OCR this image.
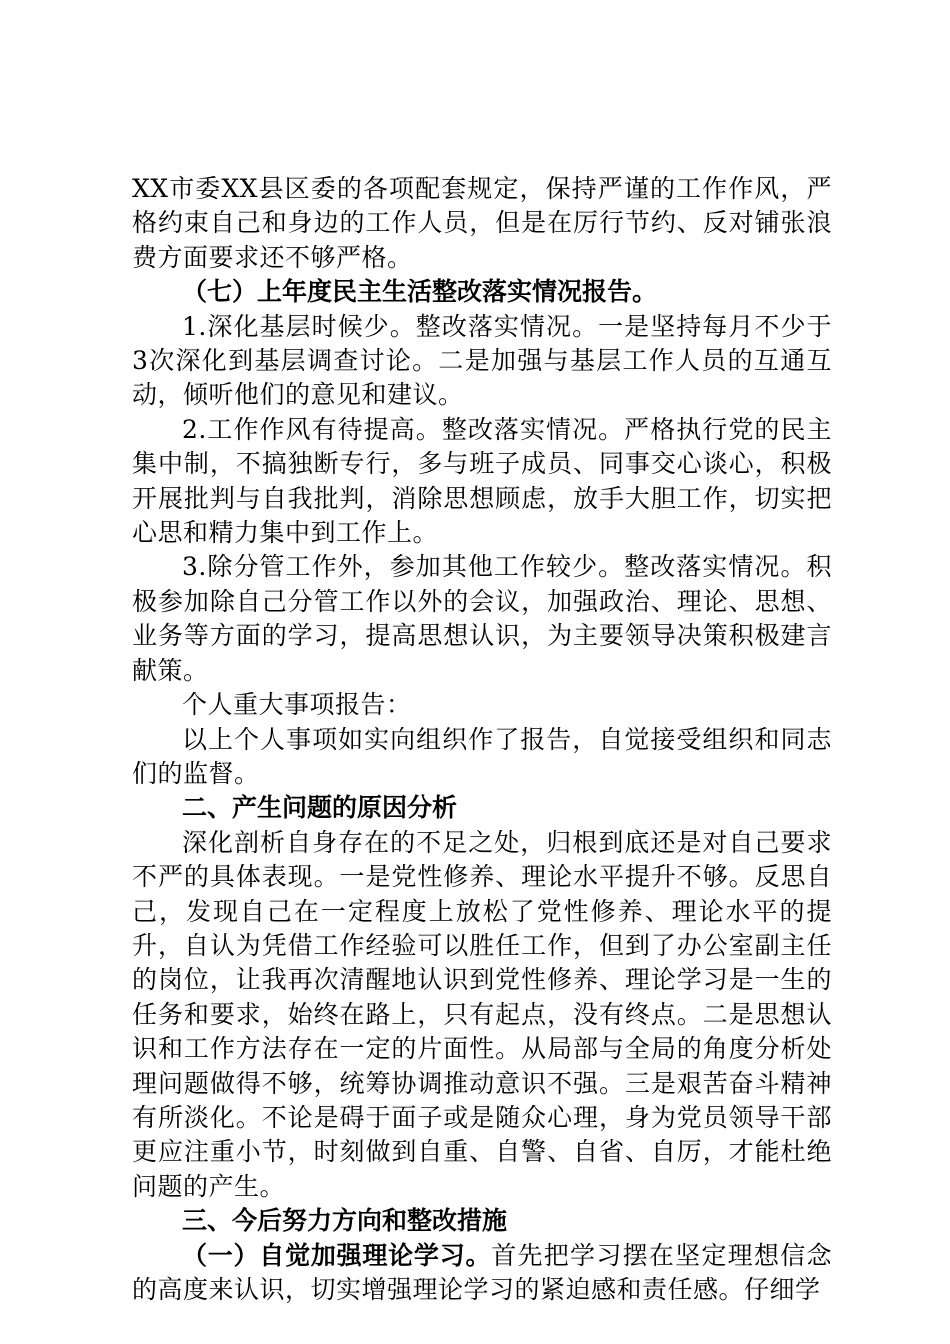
XX市委XX县区委的各项配套规定，保持严谨的工作作风，严格约束自己和身边的工作人员，但是在厉行节约、反对铺张浪费方面要求还不够严格。

（七）上年度民主生活整改落实情况报告。

1.深化基层时候少。整改落实情况。一是坚持每月不少于3次深化到基层调查讨论。二是加强与基层工作人员的互通互动，倾听他们的意见和建议。

2.工作作风有待提高。整改落实情况。严格执行党的民主集中制，不搞独断专行，多与班子成员、同事交心谈心，积极开展批判与自我批判，消除思想顾虑，放手大胆工作，切实把心思和精力集中到工作上。

3.除分管工作外，参加其他工作较少。整改落实情况。积极参加除自己分管工作以外的会议，加强政治、理论、思想、业务等方面的学习，提高思想认识，为主要领导决策积极建言献策。

个人重大事项报告：

以上个人事项如实向组织作了报告，自觉接受组织和同志们的监督。

二、产生问题的原因分析

深化剖析自身存在的不足之处，归根到底还是对自己要求不严的具体表现。一是党性修养、理论水平提升不够。反思自己，发现自己在一定程度上放松了党性修养、理论水平的提升，自认为凭借工作经验可以胜任工作，但到了办公室副主任的岗位，让我再次清醒地认识到党性修养、理论学习是一生的任务和要求，始终在路上，只有起点，没有终点。二是思想认识和工作方法存在一定的片面性。从局部与全局的角度分析处理问题做得不够，统筹协调推动意识不强。三是艰苦奋斗精神有所淡化。不论是碍于面子或是随众心理，身为党员领导干部更应注重小节，时刻做到自重、自警、自省、自厉，才能杜绝问题的产生。

三、今后努力方向和整改措施

（一）自觉加强理论学习。首先把学习摆在坚定理想信念的高度来认识，切实增强理论学习的紧迫感和责任感。仔细学
